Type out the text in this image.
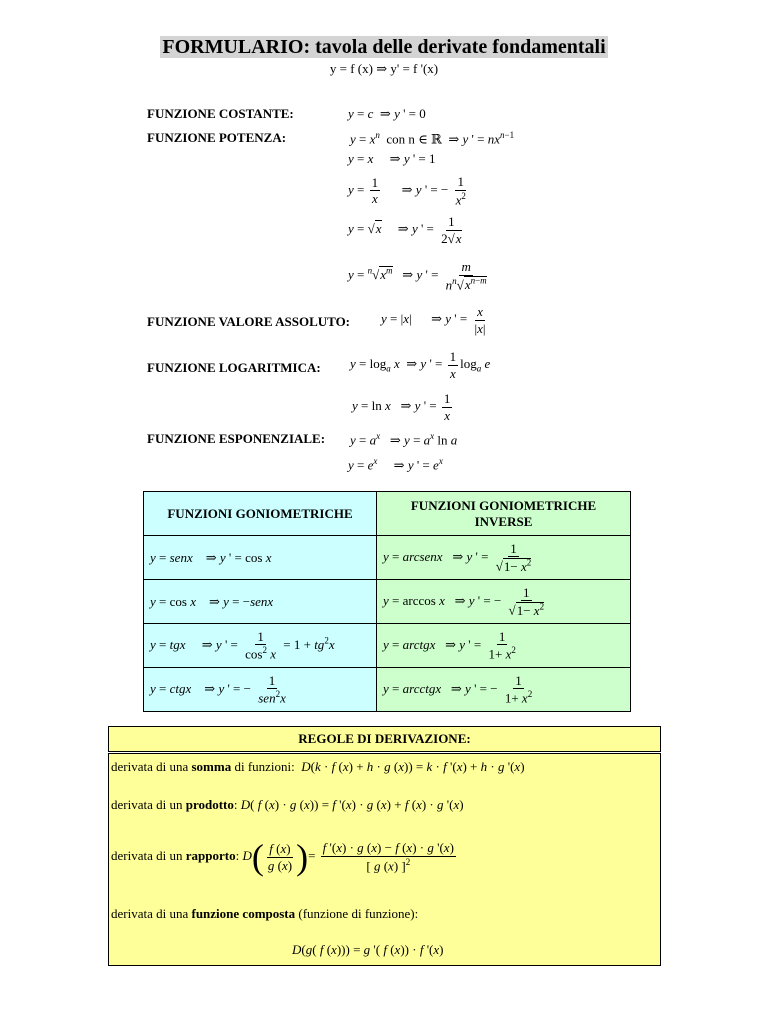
FORMULARIO: tavola delle derivate fondamentali
y = f (x) ⇒ y' = f '(x)
FUNZIONE COSTANTE:	y = c  ⇒ y ' = 0
FUNZIONE POTENZA:	$y = x^n$ con n ∈ ℝ  ⇒ y ' = $nx^{n-1}$
y = x     ⇒ y ' = 1
$y = \frac{1}{x}$ ⇒ y ' = − $\frac{1}{x^2}$
y = √x     ⇒ y ' = $\frac{1}{2√x}$
$y = ^n√x^m$   ⇒ y ' = $\frac{m}{n^n√x^{n-m}}$
FUNZIONE VALORE ASSOLUTO: y = |x|      ⇒ y ' = $\frac{x}{|x|}$
FUNZIONE LOGARITMICA: $y = \log_a x$  ⇒ y ' = $\frac{1}{x} \log_a e$
y = ln x   ⇒ y ' = $\frac{1}{x}$
FUNZIONE ESPONENZIALE: $y = a^x$   ⇒ $y = a^x$ ln a
$y = e^x$     ⇒ y ' = $e^x$
FUNZIONI GONIOMETRICHE	FUNZIONI GONIOMETRICHE INVERSE
y = senx    ⇒ y ' = cos x	y = arcsenx   ⇒ y ' = $\frac{1}{√1- x^2}$

y = cos x    ⇒ y = −senx	y = arccos x   ⇒ y ' = − $\frac{1}{√1- x^2}$

y = tgx     ⇒ y ' = $\frac{1}{\cos^2 x} = 1 + tg^2x$	y = arctgx   ⇒ y ' = $\frac{1}{1+ x^2}$

y = ctgx    ⇒ y ' = − $\frac{1}{sen^2x}$	y = arcctgx   ⇒ y ' = − $\frac{1}{1+ x^2}$
REGOLE DI DERIVAZIONE:
derivata di una somma di funzioni: D(k · f (x) + h · g (x)) = k · f '(x) + h · g '(x)
derivata di un prodotto: D( f (x) · g (x)) = f '(x) · g (x) + f (x) · g '(x)
derivata di un rapporto: $D( \frac{f (x)}{g (x)}$ )= $\frac{f '(x) \cdot g (x) - f (x) \cdot g '(x)}{[ g (x) ]^2}$
derivata di una funzione composta (funzione di funzione):
D(g( f (x))) = g '( f (x)) · f '(x)
